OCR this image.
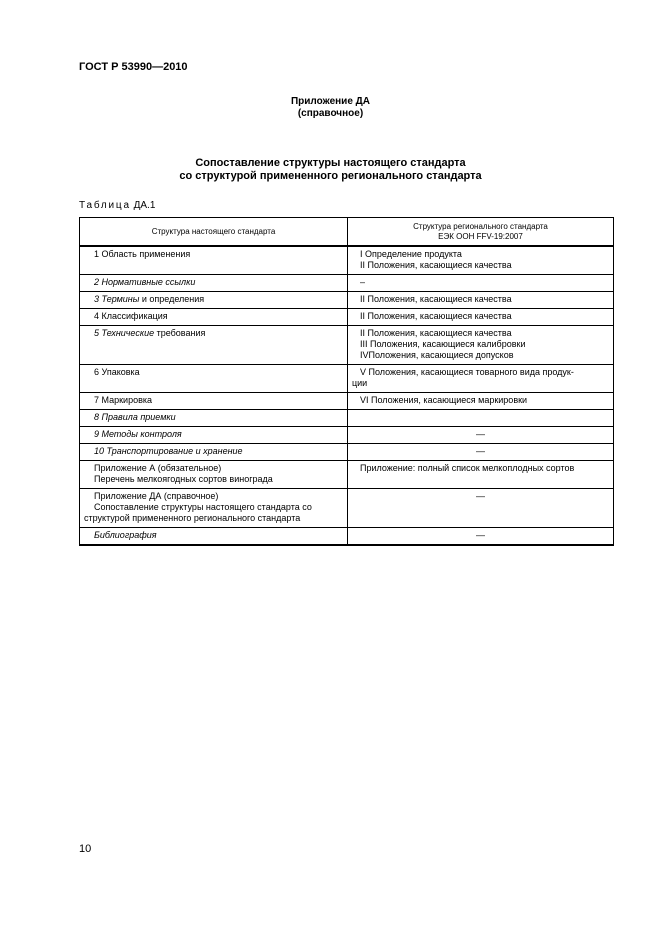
ГОСТ Р 53990—2010
Приложение ДА
(справочное)
Сопоставление структуры настоящего стандарта
со структурой примененного регионального стандарта
Таблица ДА.1
Структура настоящего стандарта	Структура регионального стандарта
ЕЭК ООН FFV-19:2007

1 Область применения	I Определение продукта
II Положения, касающиеся качества

2 Нормативные ссылки	–
3 Термины и определения	II Положения, касающиеся качества
4 Классификация	II Положения, касающиеся качества
5 Технические требования	II Положения, касающиеся качества
III Положения, касающиеся калибровки
IVПоложения, касающиеся допусков

6 Упаковка	V Положения, касающиеся товарного вида продук-
ции

7 Маркировка	VI Положения, касающиеся маркировки
8 Правила приемки	
9 Методы контроля	—
10 Транспортирование и хранение	—

Приложение А (обязательное)
Перечень мелкоягодных сортов винограда	Приложение: полный список мелкоплодных сортов

Приложение ДА (справочное)
Сопоставление структуры настоящего стандарта со
структурой примененного регионального стандарта	—
Библиография	—
10
